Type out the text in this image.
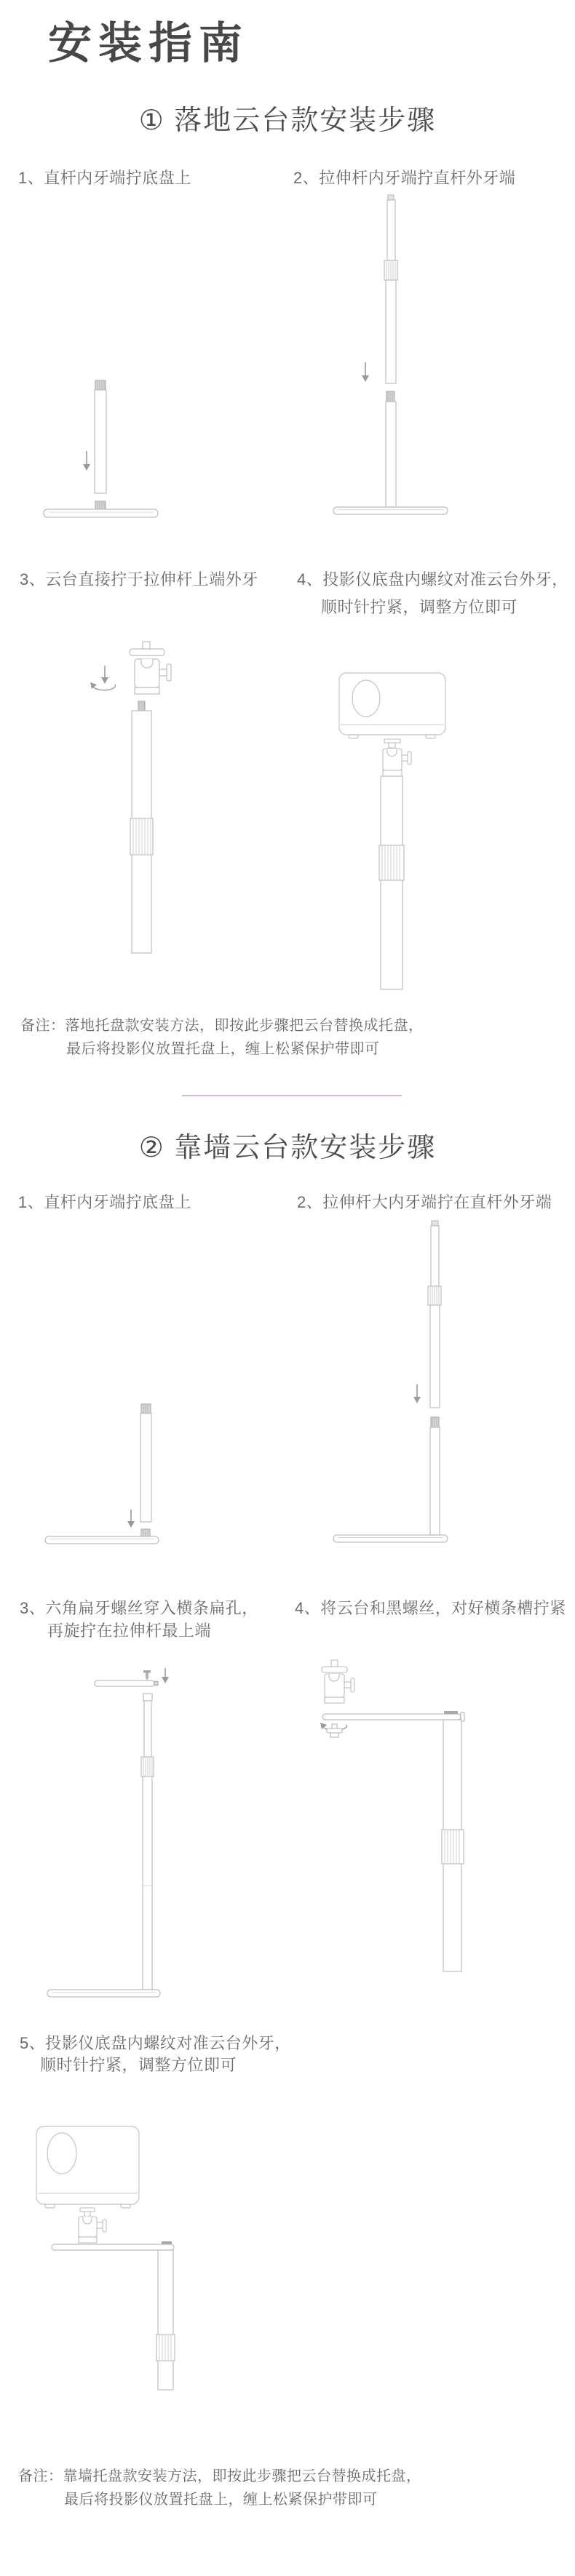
安装指南
① 落地云台款安装步骤
1、直杆内牙端拧底盘上	2、拉伸杆内牙端拧直杆外牙端
3、云台直接拧于拉伸杆上端外牙 4、投影仪底盘内螺纹对准云台外牙，
顺时针拧紧，调整方位即可
备注：落地托盘款安装方法，即按此步骤把云台替换成托盘，
最后将投影仪放置托盘上，缠上松紧保护带即可
② 靠墙云台款安装步骤
1、直杆内牙端拧底盘上	2、拉伸杆大内牙端拧在直杆外牙端
3、六角扁牙螺丝穿入横条扁孔，
再旋拧在拉伸杆最上端
4、将云台和黑螺丝，对好横条槽拧紧
5、投影仪底盘内螺纹对准云台外牙，
顺时针拧紧，调整方位即可
备注：靠墙托盘款安装方法，即按此步骤把云台替换成托盘，
最后将投影仪放置托盘上，缠上松紧保护带即可
